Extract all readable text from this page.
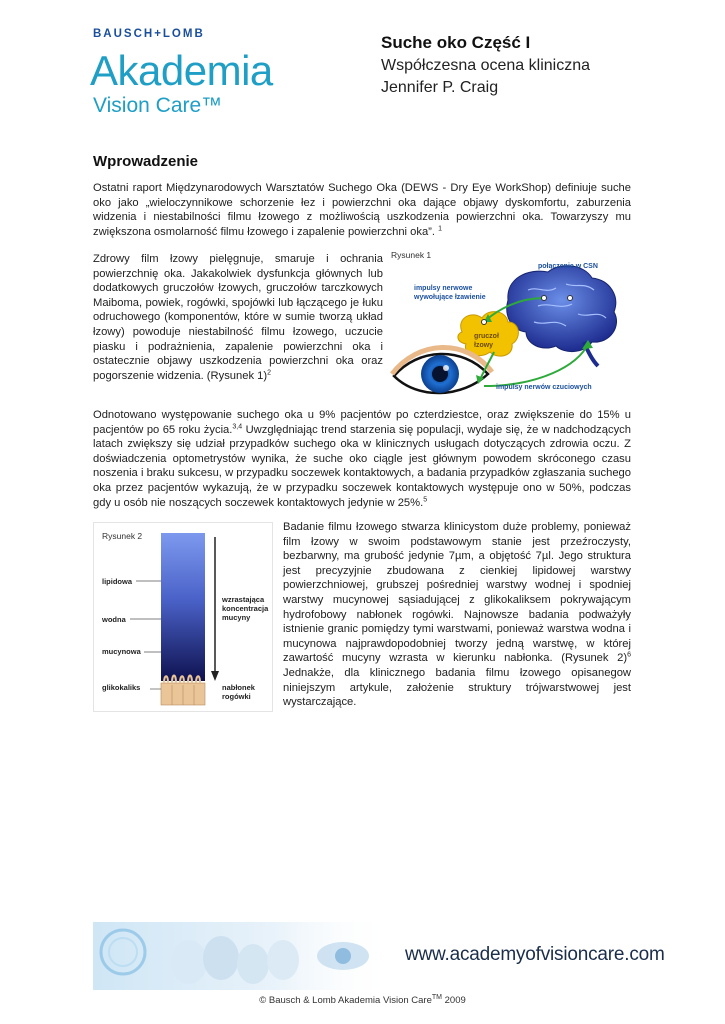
BAUSCH+LOMB
Akademia
Vision Care™
Suche oko Część I
Współczesna ocena kliniczna
Jennifer P. Craig
Wprowadzenie

Ostatni raport Międzynarodowych Warsztatów Suchego Oka (DEWS - Dry Eye WorkShop) definiuje suche oko jako „wieloczynnikowe schorzenie łez i powierzchni oka dające objawy dyskomfortu, zaburzenia widzenia i niestabilności filmu łzowego z możliwością uszkodzenia powierzchni oka. Towarzyszy mu zwiększona osmolarność filmu łzowego i zapalenie powierzchni oka”. $^1$

Zdrowy film łzowy pielęgnuje, smaruje i ochrania powierzchnię oka. Jakakolwiek dysfunkcja głównych lub dodatkowych gruczołów łzowych, gruczołów tarczkowych Maiboma, powiek, rogówki, spojówki lub łączącego je łuku odruchowego (komponentów, które w sumie tworzą układ łzowy) powoduje niestabilność filmu łzowego, uczucie piasku i podrażnienia, zapalenie powierzchni oka i ostatecznie objawy uszkodzenia powierzchni oka oraz pogorszenie widzenia. (Rysunek 1)$^2$

Rysunek 1
połączenie w CSN
impulsy nerwowe
wywołujące łzawienie
gruczoł
łzowy
impulsy nerwów czuciowych

Odnotowano występowanie suchego oka u 9% pacjentów po czterdziestce, oraz zwiększenie do 15% u pacjentów po 65 roku życia.$^{3,4}$ Uwzględniając trend starzenia się populacji, wydaje się, że w nadchodzących latach zwiększy się udział przypadków suchego oka w klinicznych usługach dotyczących zdrowia oczu. Z doświadczenia optometrystów wynika, że suche oko ciągle jest głównym powodem skróconego czasu noszenia i braku sukcesu, w przypadku soczewek kontaktowych, a badania przypadków zgłaszania suchego oka przez pacjentów wykazują, że w przypadku soczewek kontaktowych występuje ono w 50%, podczas gdy u osób nie noszących soczewek kontaktowych jedynie w 25%.$^5$

Rysunek 2
lipidowa
wodna
mucynowa
glikokaliks
wzrastająca
koncentracja
mucyny
nabłonek
rogówki

Badanie filmu łzowego stwarza klinicystom duże problemy, ponieważ film łzowy w swoim podstawowym stanie jest przeźroczysty, bezbarwny, ma grubość jedynie 7µm, a objętość 7µl. Jego struktura jest precyzyjnie zbudowana z cienkiej lipidowej warstwy powierzchniowej, grubszej pośredniej warstwy wodnej i spodniej warstwy mucynowej sąsiadującej z glikokaliksem pokrywającym hydrofobowy nabłonek rogówki. Najnowsze badania podważyły istnienie granic pomiędzy tymi warstwami, ponieważ warstwa wodna i mucynowa najprawdopodobniej tworzy jedną warstwę, w której zawartość mucyny wzrasta w kierunku nabłonka. (Rysunek 2)$^6$ Jednakże, dla klinicznego badania filmu łzowego opisanegow niniejszym artykule, założenie struktury trójwarstwowej jest wystarczające.

www.academyofvisioncare.com
© Bausch & Lomb Akademia Vision Care™ 2009
